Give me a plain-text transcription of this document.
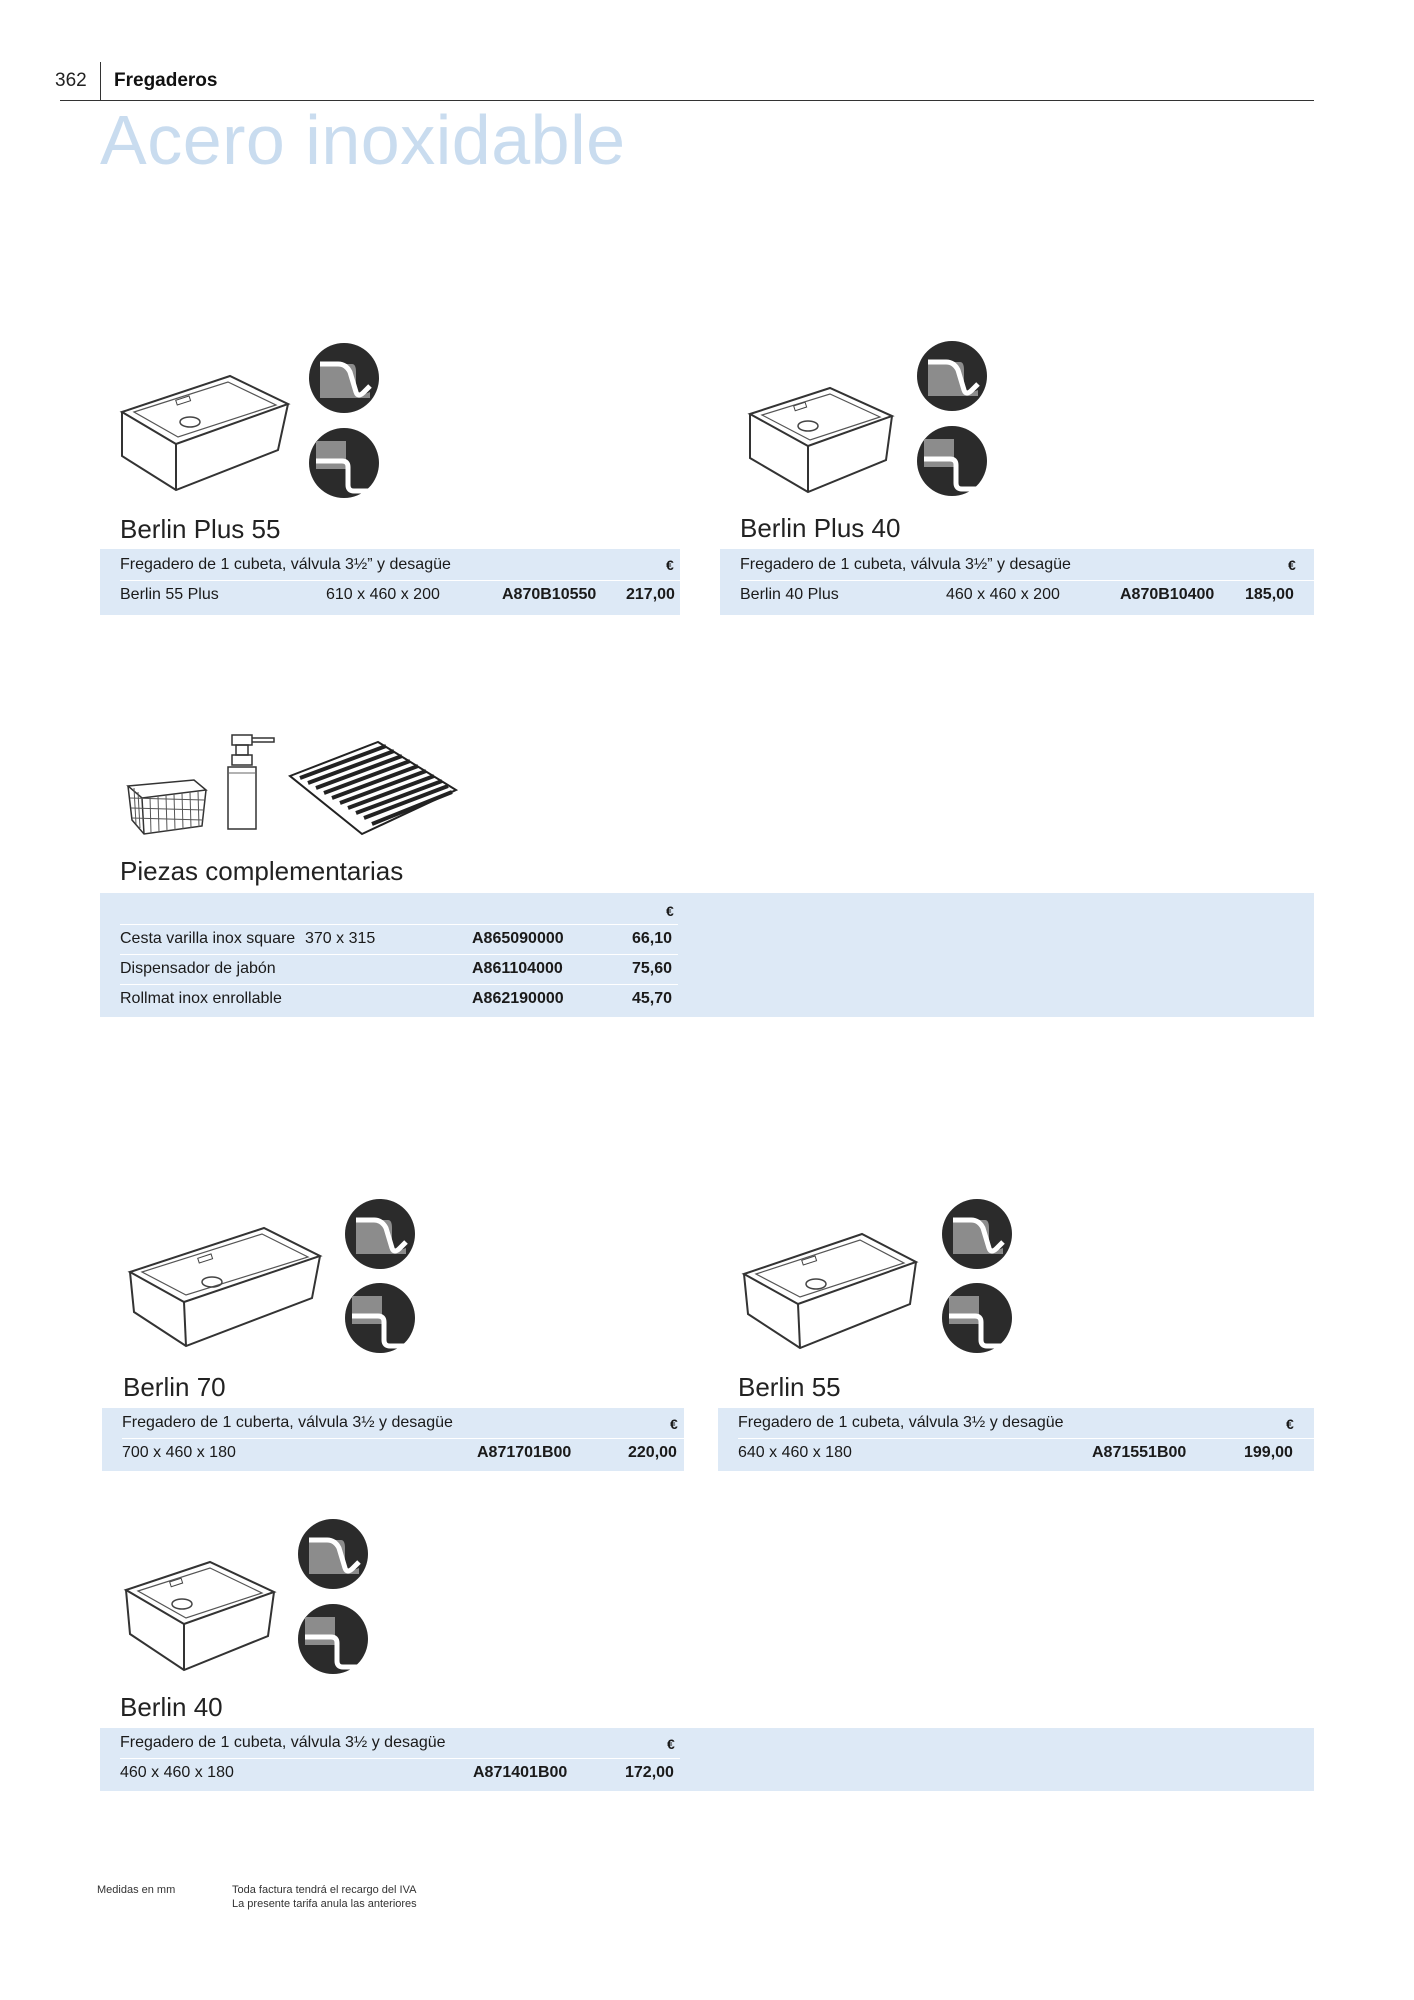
362 Fregaderos
Acero inoxidable
Berlin Plus 55
Fregadero de 1 cubeta, válvula 3½” y desagüe	€
Berlin 55 Plus	610 x 460 x 200	A870B10550 217,00
Berlin Plus 40
Fregadero de 1 cubeta, válvula 3½” y desagüe	€
Berlin 40 Plus	460 x 460 x 200	A870B10400 185,00
Piezas complementarias
€
Cesta varilla inox square 370 x 315	A865090000	66,10
Dispensador de jabón	A861104000	75,60
Rollmat inox enrollable	A862190000	45,70
Berlin 70
Fregadero de 1 cuberta, válvula 3½ y desagüe	€
700 x 460 x 180	A871701B00	220,00
Berlin 55
Fregadero de 1 cubeta, válvula 3½ y desagüe	€
640 x 460 x 180	A871551B00	199,00
Berlin 40
Fregadero de 1 cubeta, válvula 3½ y desagüe	€
460 x 460 x 180	A871401B00	172,00
Medidas en mm	Toda factura tendrá el recargo del IVA
La presente tarifa anula las anteriores
